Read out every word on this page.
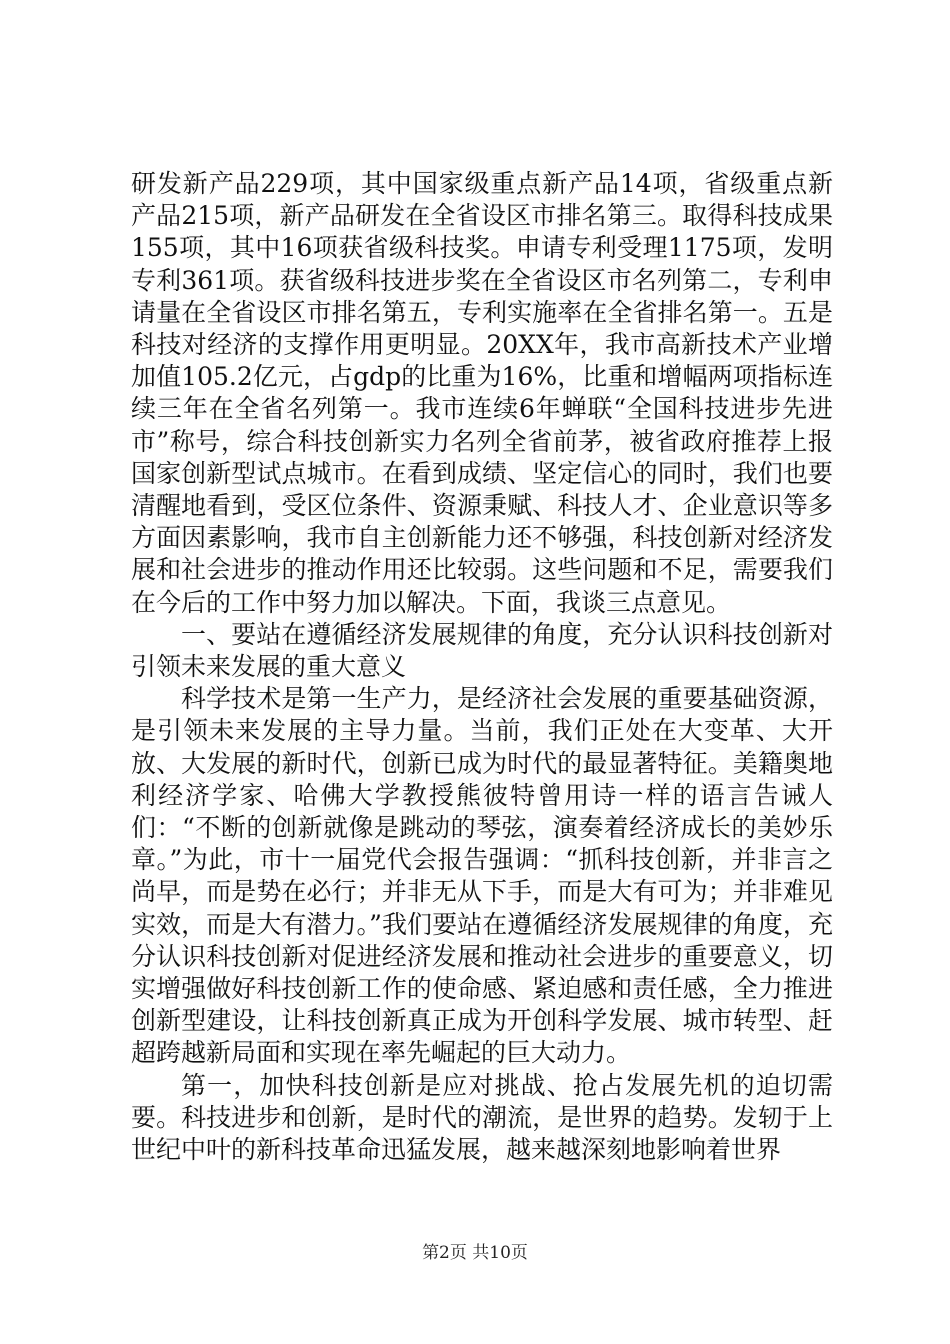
研发新产品229项，其中国家级重点新产品14项，省级重点新产品215项，新产品研发在全省设区市排名第三。取得科技成果155项，其中16项获省级科技奖。申请专利受理1175项，发明专利361项。获省级科技进步奖在全省设区市名列第二，专利申请量在全省设区市排名第五，专利实施率在全省排名第一。五是科技对经济的支撑作用更明显。20XX年，我市高新技术产业增加值105.2亿元，占gdp的比重为16%，比重和增幅两项指标连续三年在全省名列第一。我市连续6年蝉联“全国科技进步先进市”称号，综合科技创新实力名列全省前茅，被省政府推荐上报国家创新型试点城市。在看到成绩、坚定信心的同时，我们也要清醒地看到，受区位条件、资源秉赋、科技人才、企业意识等多方面因素影响，我市自主创新能力还不够强，科技创新对经济发展和社会进步的推动作用还比较弱。这些问题和不足，需要我们在今后的工作中努力加以解决。下面，我谈三点意见。

一、要站在遵循经济发展规律的角度，充分认识科技创新对引领未来发展的重大意义

科学技术是第一生产力，是经济社会发展的重要基础资源，是引领未来发展的主导力量。当前，我们正处在大变革、大开放、大发展的新时代，创新已成为时代的最显著特征。美籍奥地利经济学家、哈佛大学教授熊彼特曾用诗一样的语言告诫人们：“不断的创新就像是跳动的琴弦，演奏着经济成长的美妙乐章。”为此，市十一届党代会报告强调：“抓科技创新，并非言之尚早，而是势在必行；并非无从下手，而是大有可为；并非难见实效，而是大有潜力。”我们要站在遵循经济发展规律的角度，充分认识科技创新对促进经济发展和推动社会进步的重要意义，切实增强做好科技创新工作的使命感、紧迫感和责任感，全力推进创新型建设，让科技创新真正成为开创科学发展、城市转型、赶超跨越新局面和实现在率先崛起的巨大动力。

第一，加快科技创新是应对挑战、抢占发展先机的迫切需要。科技进步和创新，是时代的潮流，是世界的趋势。发轫于上世纪中叶的新科技革命迅猛发展，越来越深刻地影响着世界

第2页 共10页
